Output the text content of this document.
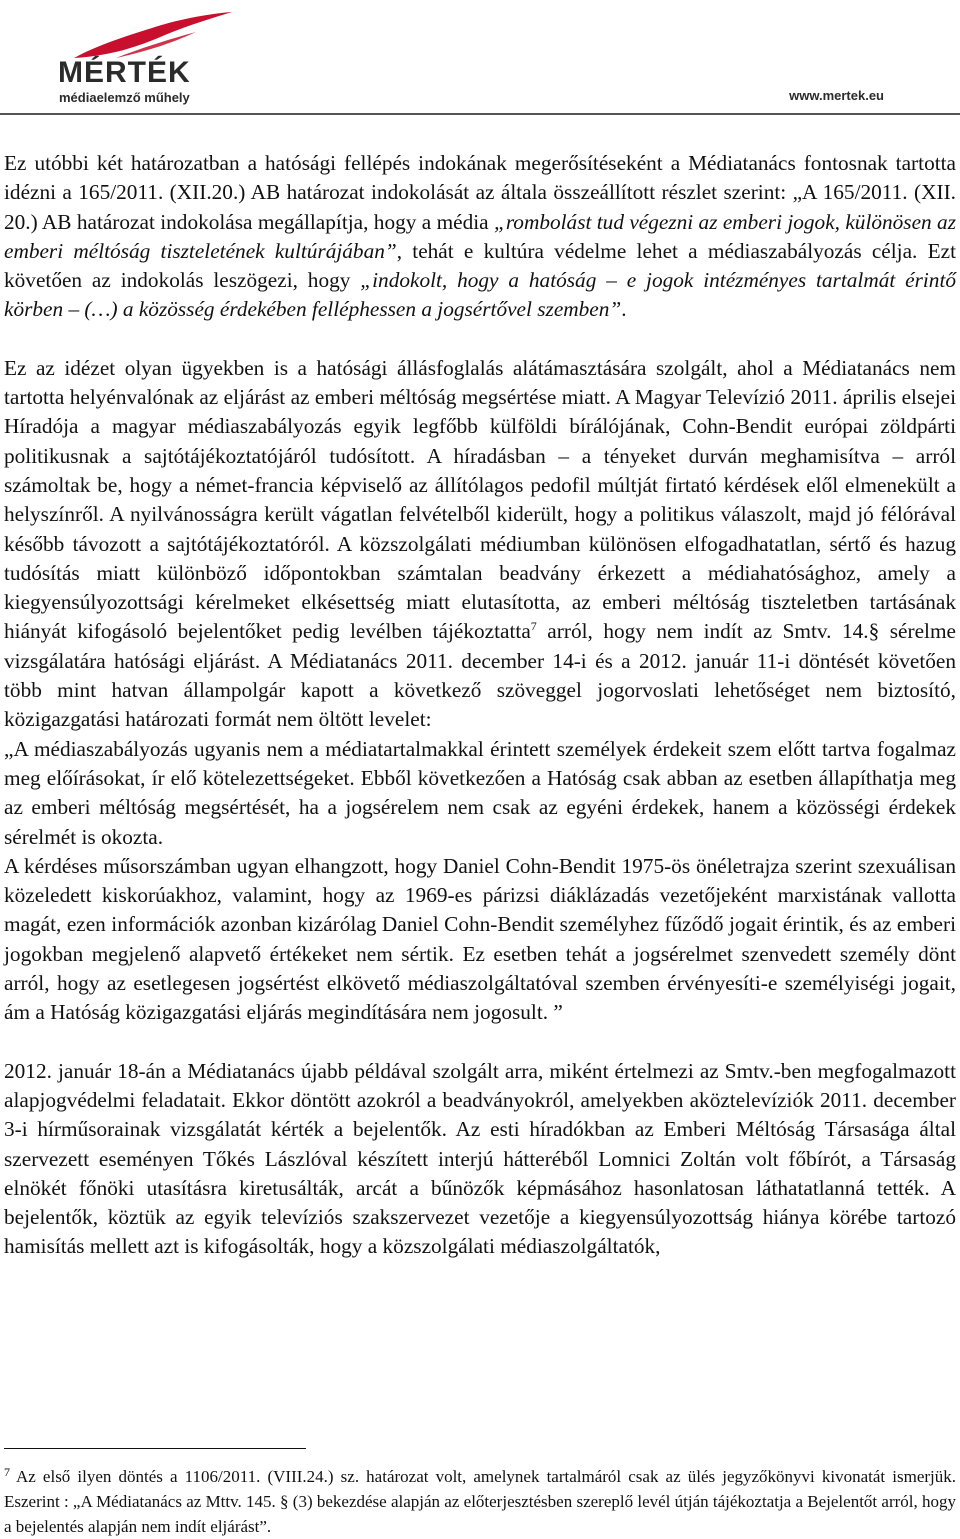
MÉRTÉK
médiaelemző műhely	www.mertek.eu

Ez utóbbi két határozatban a hatósági fellépés indokának megerősítéseként a Médiatanács fontosnak tartotta idézni a 165/2011. (XII.20.) AB határozat indokolását az általa összeállított részlet szerint: „A 165/2011. (XII. 20.) AB határozat indokolása megállapítja, hogy a média „rombolást tud végezni az emberi jogok, különösen az emberi méltóság tiszteletének kultúrájában”, tehát e kultúra védelme lehet a médiaszabályozás célja. Ezt követően az indokolás leszögezi, hogy „indokolt, hogy a hatóság – e jogok intézményes tartalmát érintő körben – (…) a közösség érdekében felléphessen a jogsértővel szemben”.

Ez az idézet olyan ügyekben is a hatósági állásfoglalás alátámasztására szolgált, ahol a Médiatanács nem tartotta helyénvalónak az eljárást az emberi méltóság megsértése miatt. A Magyar Televízió 2011. április elsejei Híradója a magyar médiaszabályozás egyik legfőbb külföldi bírálójának, Cohn-Bendit európai zöldpárti politikusnak a sajtótájékoztatójáról tudósított. A híradásban – a tényeket durván meghamisítva – arról számoltak be, hogy a német-francia képviselő az állítólagos pedofil múltját firtató kérdések elől elmenekült a helyszínről. A nyilvánosságra került vágatlan felvételből kiderült, hogy a politikus válaszolt, majd jó félórával később távozott a sajtótájékoztatóról. A közszolgálati médiumban különösen elfogadhatatlan, sértő és hazug tudósítás miatt különböző időpontokban számtalan beadvány érkezett a médiahatósághoz, amely a kiegyensúlyozottsági kérelmeket elkésettség miatt elutasította, az emberi méltóság tiszteletben tartásának hiányát kifogásoló bejelentőket pedig levélben tájékoztatta$^7$ arról, hogy nem indít az Smtv. 14.§ sérelme vizsgálatára hatósági eljárást. A Médiatanács 2011. december 14-i és a 2012. január 11-i döntését követően több mint hatvan állampolgár kapott a következő szöveggel jogorvoslati lehetőséget nem biztosító, közigazgatási határozati formát nem öltött levelet:

„A médiaszabályozás ugyanis nem a médiatartalmakkal érintett személyek érdekeit szem előtt tartva fogalmaz meg előírásokat, ír elő kötelezettségeket. Ebből következően a Hatóság csak abban az esetben állapíthatja meg az emberi méltóság megsértését, ha a jogsérelem nem csak az egyéni érdekek, hanem a közösségi érdekek sérelmét is okozta.

A kérdéses műsorszámban ugyan elhangzott, hogy Daniel Cohn-Bendit 1975-ös önéletrajza szerint szexuálisan közeledett kiskorúakhoz, valamint, hogy az 1969-es párizsi diáklázadás vezetőjeként marxistának vallotta magát, ezen információk azonban kizárólag Daniel Cohn-Bendit személyhez fűződő jogait érintik, és az emberi jogokban megjelenő alapvető értékeket nem sértik. Ez esetben tehát a jogsérelmet szenvedett személy dönt arról, hogy az esetlegesen jogsértést elkövető médiaszolgáltatóval szemben érvényesíti-e személyiségi jogait, ám a Hatóság közigazgatási eljárás megindítására nem jogosult. ”

2012. január 18-án a Médiatanács újabb példával szolgált arra, miként értelmezi az Smtv.-ben megfogalmazott alapjogvédelmi feladatait. Ekkor döntött azokról a beadványokról, amelyekben aköztelevíziók 2011. december 3-i hírműsorainak vizsgálatát kérték a bejelentők. Az esti híradókban az Emberi Méltóság Társasága által szervezett eseményen Tőkés Lászlóval készített interjú hátteréből Lomnici Zoltán volt főbírót, a Társaság elnökét főnöki utasításra kiretusálták, arcát a bűnözők képmásához hasonlatosan láthatatlanná tették. A bejelentők, köztük az egyik televíziós szakszervezet vezetője a kiegyensúlyozottság hiánya körébe tartozó hamisítás mellett azt is kifogásolták, hogy a közszolgálati médiaszolgáltatók,

$^7$ Az első ilyen döntés a 1106/2011. (VIII.24.) sz. határozat volt, amelynek tartalmáról csak az ülés jegyzőkönyvi kivonatát ismerjük. Eszerint : „A Médiatanács az Mttv. 145. § (3) bekezdése alapján az előterjesztésben szereplő levél útján tájékoztatja a Bejelentőt arról, hogy a bejelentés alapján nem indít eljárást”.
